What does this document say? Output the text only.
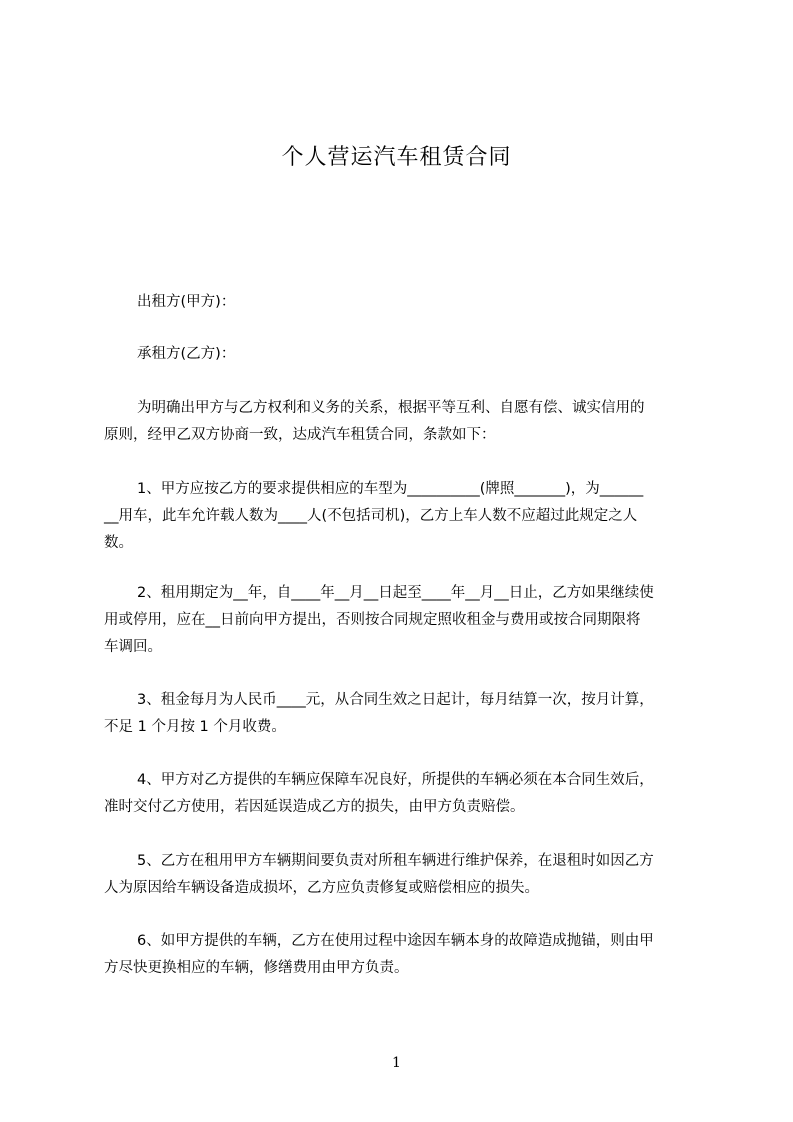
个人营运汽车租赁合同

出租方(甲方)：

承租方(乙方)：

为明确出甲方与乙方权利和义务的关系，根据平等互利、自愿有偿、诚实信用的

原则，经甲乙双方协商一致，达成汽车租赁合同，条款如下：

1、甲方应按乙方的要求提供相应的车型为__________(牌照_______)，为______

__用车，此车允许载人数为____人(不包括司机)，乙方上车人数不应超过此规定之人

数。

2、租用期定为__年，自____年__月__日起至____年__月__日止，乙方如果继续使

用或停用，应在__日前向甲方提出，否则按合同规定照收租金与费用或按合同期限将

车调回。

3、租金每月为人民币____元，从合同生效之日起计，每月结算一次，按月计算，

不足 1 个月按 1 个月收费。

4、甲方对乙方提供的车辆应保障车况良好，所提供的车辆必须在本合同生效后，

准时交付乙方使用，若因延误造成乙方的损失，由甲方负责赔偿。

5、乙方在租用甲方车辆期间要负责对所租车辆进行维护保养，在退租时如因乙方

人为原因给车辆设备造成损坏，乙方应负责修复或赔偿相应的损失。

6、如甲方提供的车辆，乙方在使用过程中途因车辆本身的故障造成抛锚，则由甲

方尽快更换相应的车辆，修缮费用由甲方负责。

1
